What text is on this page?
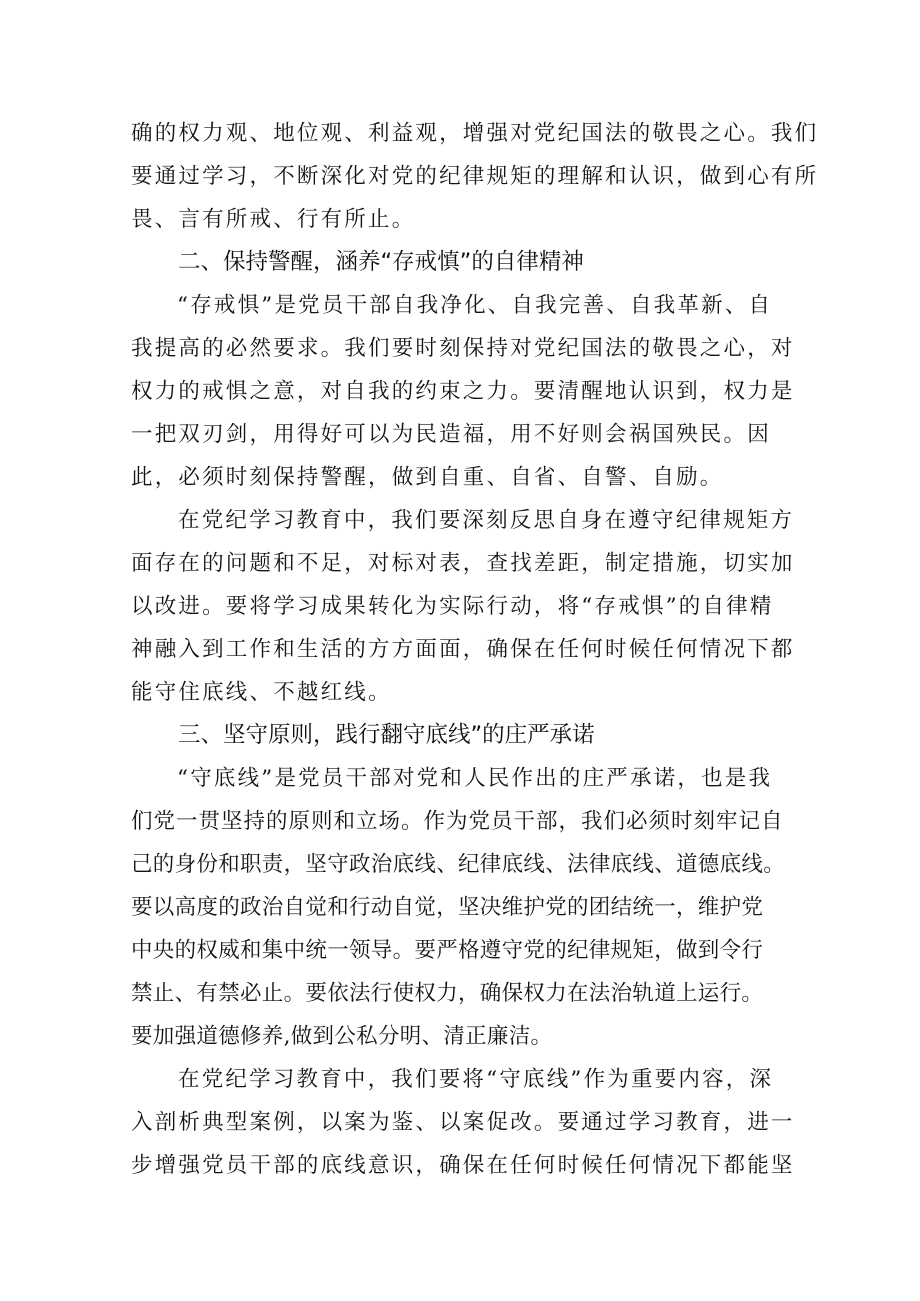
确的权力观、地位观、利益观，增强对党纪国法的敬畏之心。我们
要通过学习，不断深化对党的纪律规矩的理解和认识，做到心有所
畏、言有所戒、行有所止。
二、保持警醒，涵养“存戒慎”的自律精神
“存戒惧”是党员干部自我净化、自我完善、自我革新、自
我提高的必然要求。我们要时刻保持对党纪国法的敬畏之心，对
权力的戒惧之意，对自我的约束之力。要清醒地认识到，权力是
一把双刃剑，用得好可以为民造福，用不好则会祸国殃民。因
此，必须时刻保持警醒，做到自重、自省、自警、自励。
在党纪学习教育中，我们要深刻反思自身在遵守纪律规矩方
面存在的问题和不足，对标对表，查找差距，制定措施，切实加
以改进。要将学习成果转化为实际行动，将“存戒惧”的自律精
神融入到工作和生活的方方面面，确保在任何时候任何情况下都
能守住底线、不越红线。
三、坚守原则，践行翻守底线”的庄严承诺
“守底线”是党员干部对党和人民作出的庄严承诺，也是我
们党一贯坚持的原则和立场。作为党员干部，我们必须时刻牢记自
己的身份和职责，坚守政治底线、纪律底线、法律底线、道德底线。
要以高度的政治自觉和行动自觉，坚决维护党的团结统一，维护党
中央的权威和集中统一领导。要严格遵守党的纪律规矩，做到令行
禁止、有禁必止。要依法行使权力，确保权力在法治轨道上运行。
要加强道德修养,做到公私分明、清正廉洁。
在党纪学习教育中，我们要将“守底线”作为重要内容，深
入剖析典型案例，以案为鉴、以案促改。要通过学习教育，进一
步增强党员干部的底线意识，确保在任何时候任何情况下都能坚
